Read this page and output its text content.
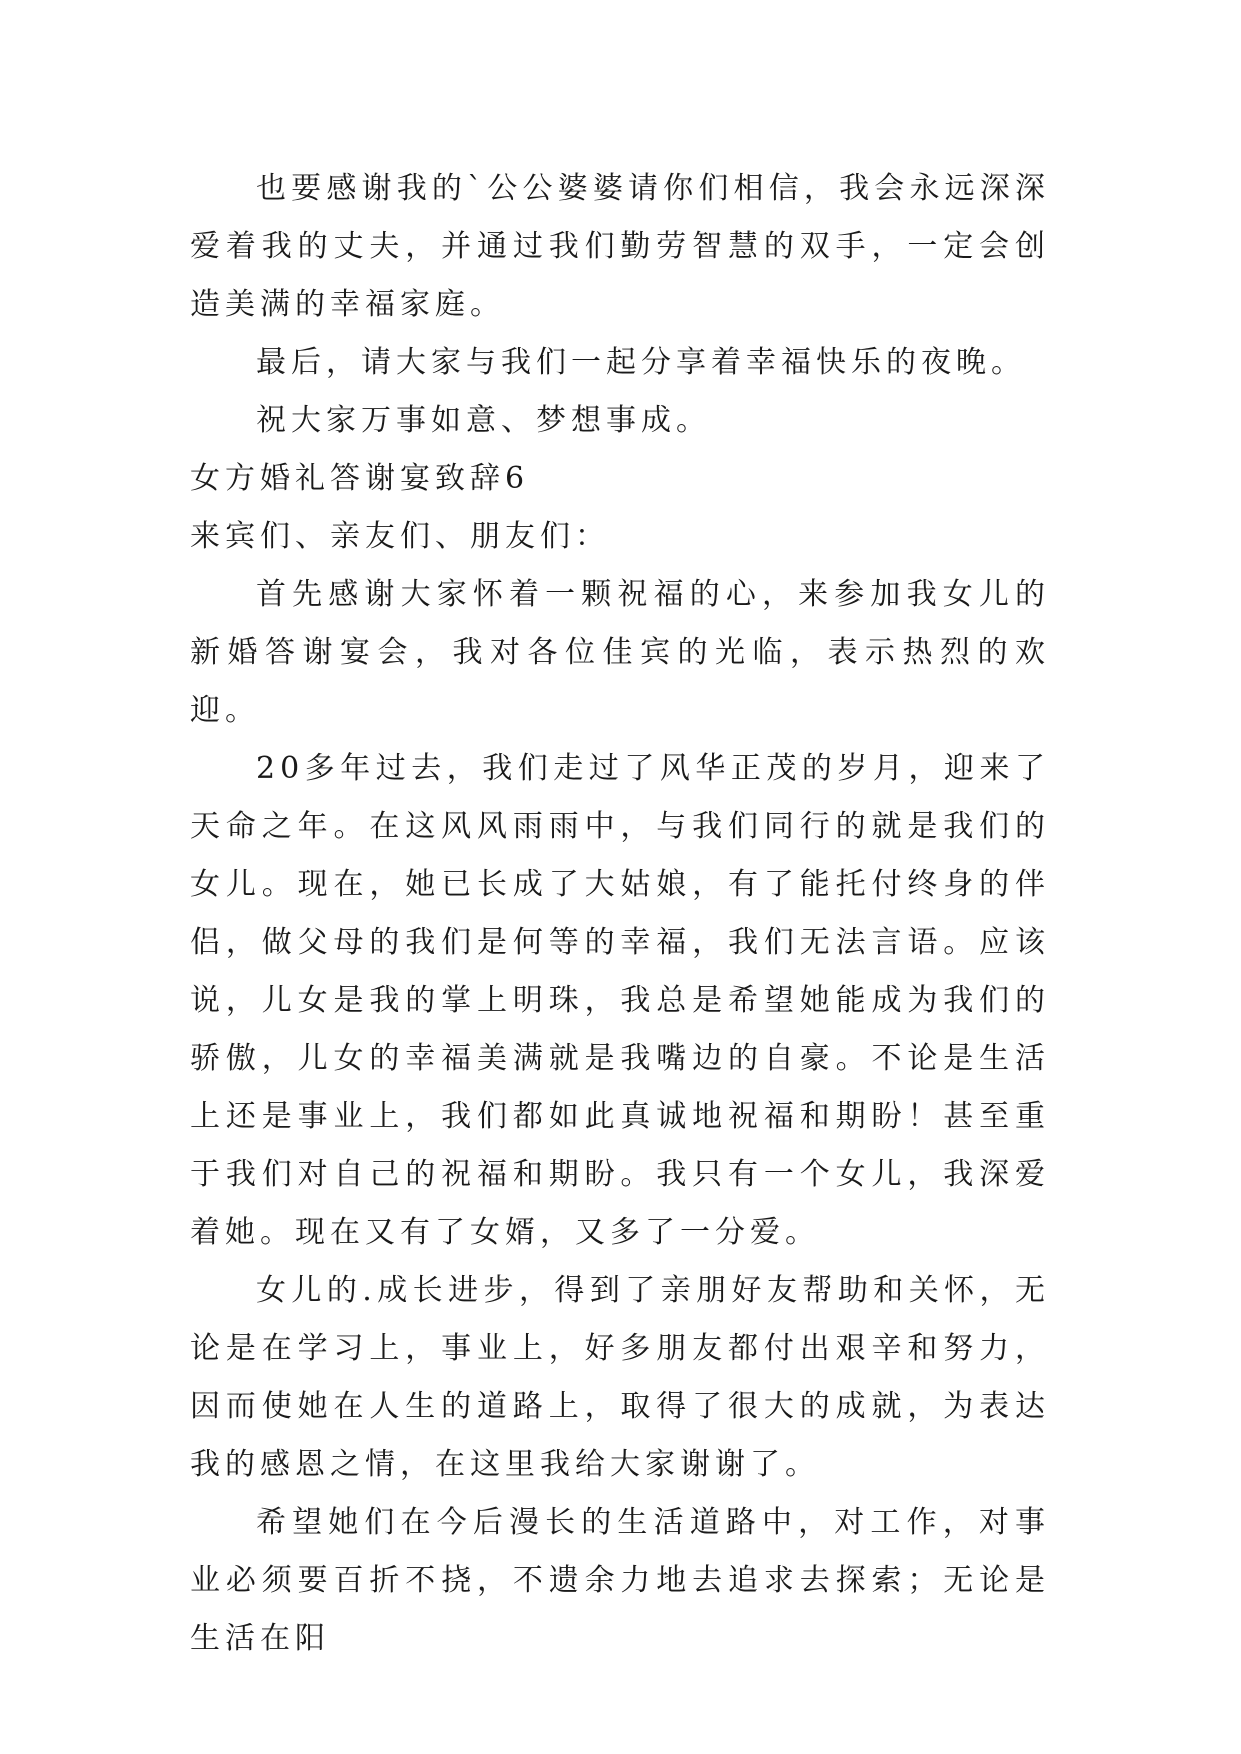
也要感谢我的`公公婆婆请你们相信，我会永远深深爱着我的丈夫，并通过我们勤劳智慧的双手，一定会创造美满的幸福家庭。

最后，请大家与我们一起分享着幸福快乐的夜晚。

祝大家万事如意、梦想事成。

女方婚礼答谢宴致辞6

来宾们、亲友们、朋友们：

首先感谢大家怀着一颗祝福的心，来参加我女儿的新婚答谢宴会，我对各位佳宾的光临，表示热烈的欢迎。

20多年过去，我们走过了风华正茂的岁月，迎来了天命之年。在这风风雨雨中，与我们同行的就是我们的女儿。现在，她已长成了大姑娘，有了能托付终身的伴侣，做父母的我们是何等的幸福，我们无法言语。应该说，儿女是我的掌上明珠，我总是希望她能成为我们的骄傲，儿女的幸福美满就是我嘴边的自豪。不论是生活上还是事业上，我们都如此真诚地祝福和期盼！甚至重于我们对自己的祝福和期盼。我只有一个女儿，我深爱着她。现在又有了女婿，又多了一分爱。

女儿的.成长进步，得到了亲朋好友帮助和关怀，无论是在学习上，事业上，好多朋友都付出艰辛和努力，因而使她在人生的道路上，取得了很大的成就，为表达我的感恩之情，在这里我给大家谢谢了。

希望她们在今后漫长的生活道路中，对工作，对事业必须要百折不挠，不遗余力地去追求去探索；无论是生活在阳
